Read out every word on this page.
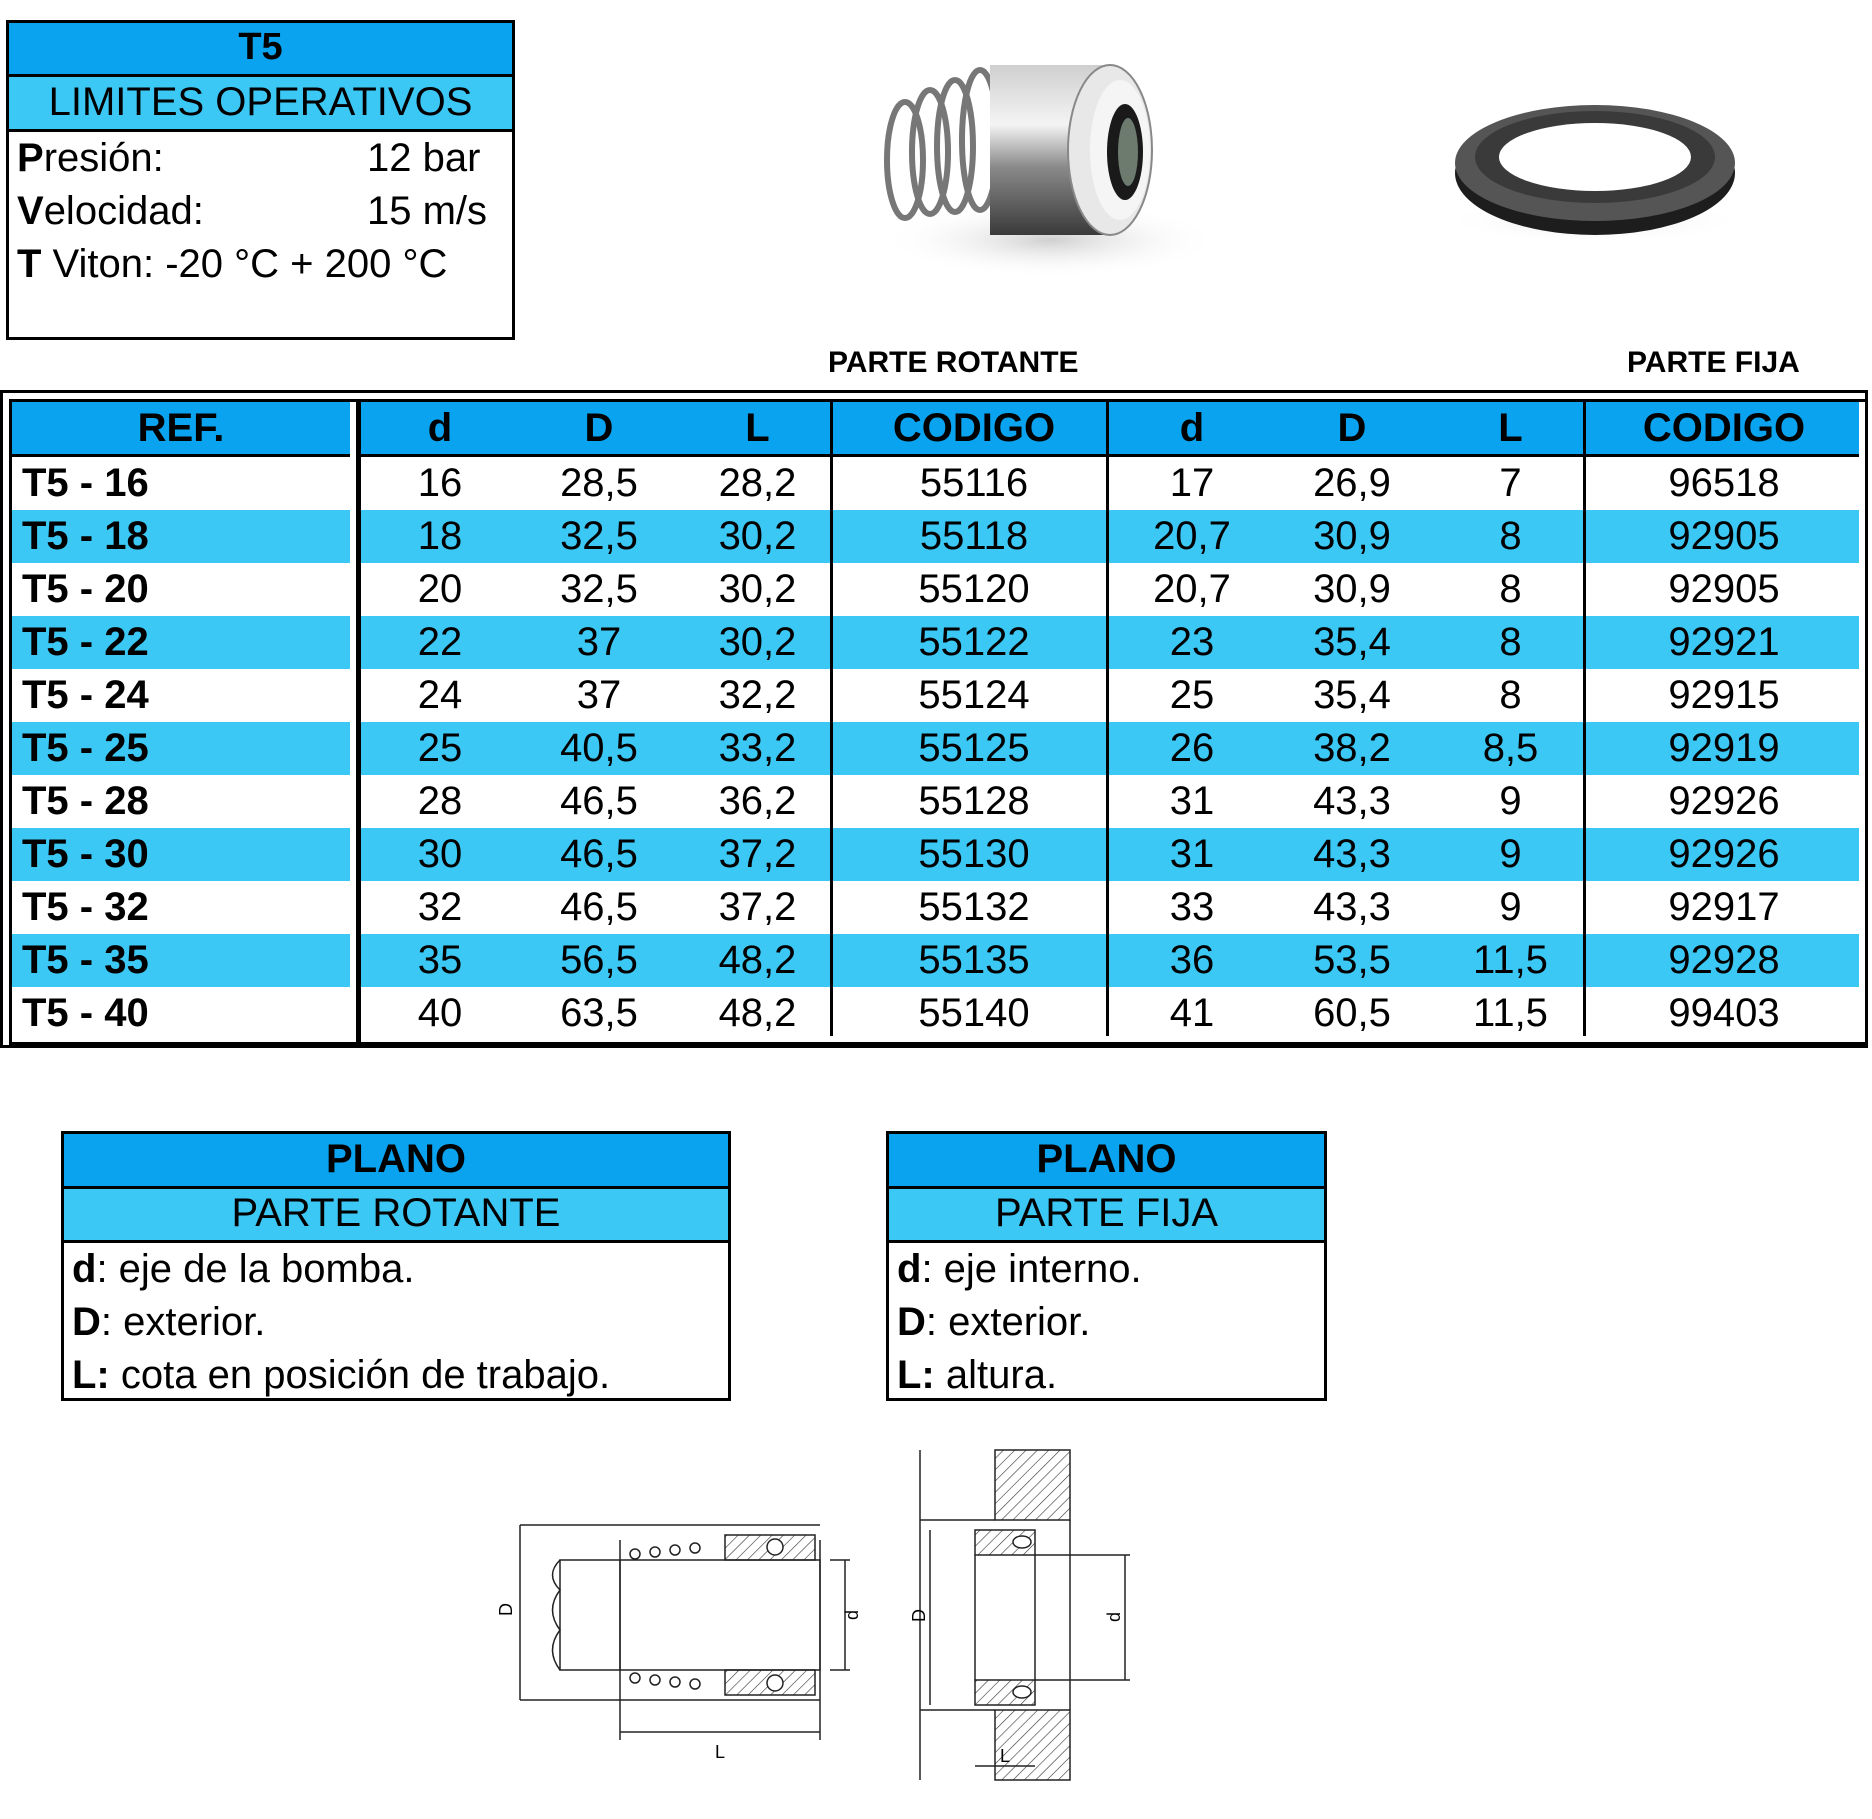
T5
LIMITES OPERATIVOS
Presión:	12 bar
Velocidad:	15 m/s
T Viton: -20 °C + 200 °C
PARTE ROTANTE	PARTE FIJA
REF.	d	D	L	CODIGO	d	D	L	CODIGO
T5 - 16	16	28,5	28,2	55116	17	26,9	7	96518
T5 - 18	18	32,5	30,2	55118	20,7	30,9	8	92905
T5 - 20	20	32,5	30,2	55120	20,7	30,9	8	92905
T5 - 22	22	37	30,2	55122	23	35,4	8	92921
T5 - 24	24	37	32,2	55124	25	35,4	8	92915
T5 - 25	25	40,5	33,2	55125	26	38,2	8,5	92919
T5 - 28	28	46,5	36,2	55128	31	43,3	9	92926
T5 - 30	30	46,5	37,2	55130	31	43,3	9	92926
T5 - 32	32	46,5	37,2	55132	33	43,3	9	92917
T5 - 35	35	56,5	48,2	55135	36	53,5	11,5	92928
T5 - 40	40	63,5	48,2	55140	41	60,5	11,5	99403
PLANO
PARTE ROTANTE
d: eje de la bomba.
D: exterior.
L: cota en posición de trabajo.
PLANO
PARTE FIJA
d: eje interno.
D: exterior.
L: altura.
D	d
L
D	d
L
